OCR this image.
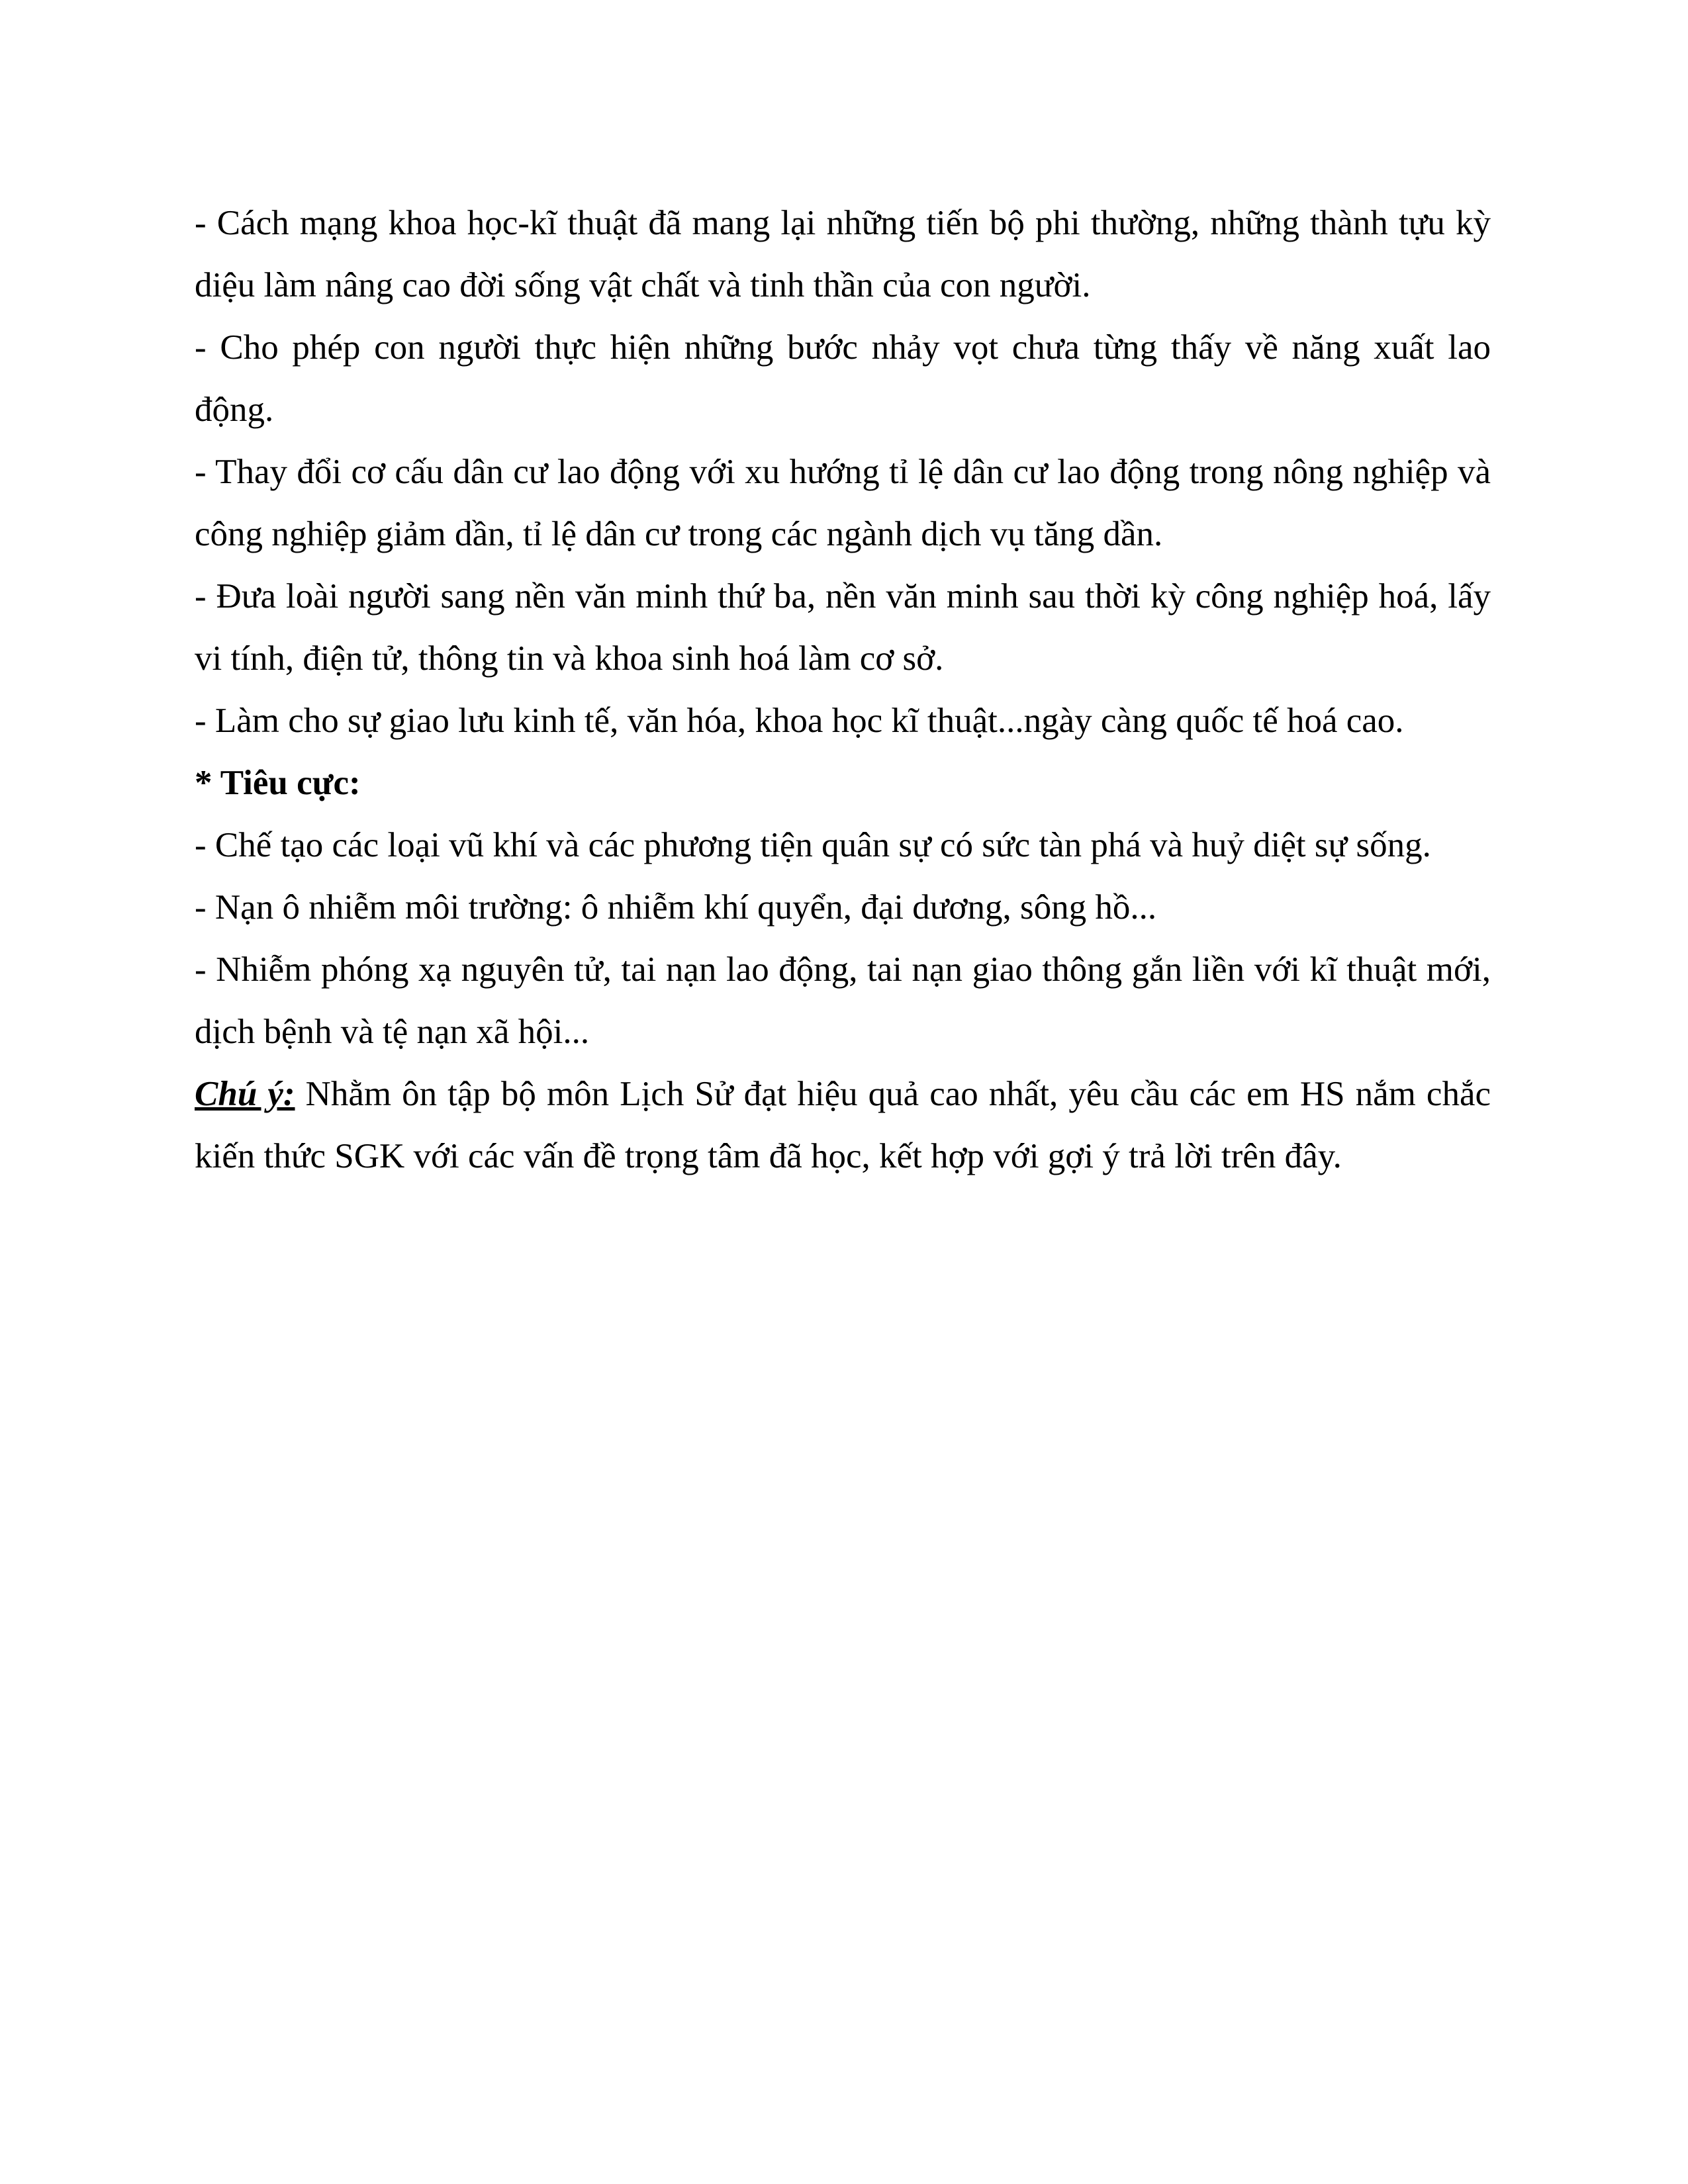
- Cách mạng khoa học-kĩ thuật đã mang lại những tiến bộ phi thường, những thành tựu kỳ diệu làm nâng cao đời sống vật chất và tinh thần của con người.

- Cho phép con người thực hiện những bước nhảy vọt chưa từng thấy về năng xuất lao động.

- Thay đổi cơ cấu dân cư lao động với xu hướng tỉ lệ dân cư lao động trong nông nghiệp và công nghiệp giảm dần, tỉ lệ dân cư trong các ngành dịch vụ tăng dần.

- Đưa loài người sang nền văn minh thứ ba, nền văn minh sau thời kỳ công nghiệp hoá, lấy vi tính, điện tử, thông tin và khoa sinh hoá làm cơ sở.

- Làm cho sự giao lưu kinh tế, văn hóa, khoa học kĩ thuật...ngày càng quốc tế hoá cao.

* Tiêu cực:

- Chế tạo các loại vũ khí và các phương tiện quân sự có sức tàn phá và huỷ diệt sự sống.

- Nạn ô nhiễm môi trường: ô nhiễm khí quyển, đại dương, sông hồ...

- Nhiễm phóng xạ nguyên tử, tai nạn lao động, tai nạn giao thông gắn liền với kĩ thuật mới, dịch bệnh và tệ nạn xã hội...

Chú ý: Nhằm ôn tập bộ môn Lịch Sử đạt hiệu quả cao nhất, yêu cầu các em HS nắm chắc kiến thức SGK với các vấn đề trọng tâm đã học, kết hợp với gợi ý trả lời trên đây.
